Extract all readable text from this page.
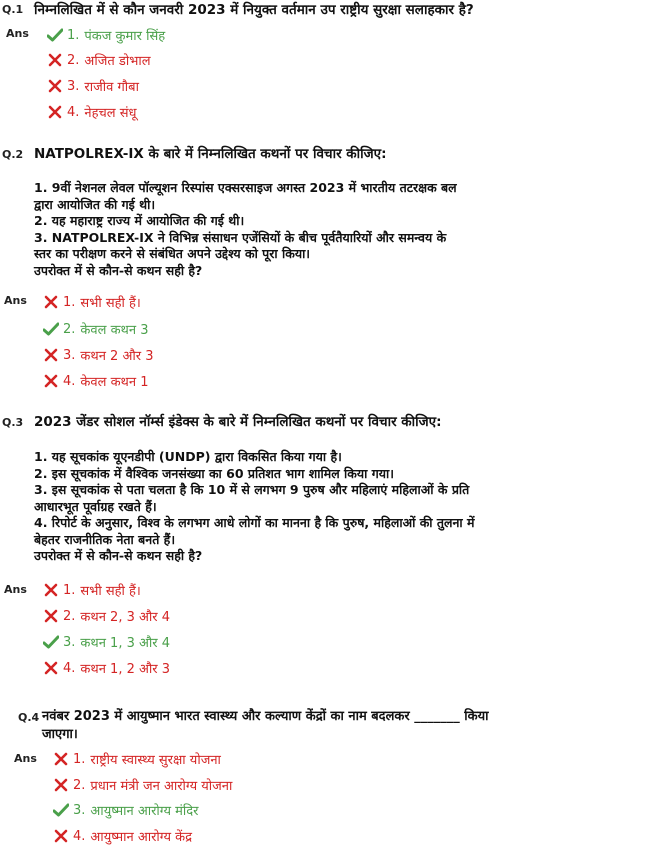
Q.1 निम्नलिखित में से कौन जनवरी 2023 में नियुक्त वर्तमान उप राष्ट्रीय सुरक्षा सलाहकार है?
Ans	1. पंकज कुमार सिंह
2. अजित डोभाल
3. राजीव गौबा
4. नेहचल संधू
Q.2 NATPOLREX-IX के बारे में निम्नलिखित कथनों पर विचार कीजिए:
1. 9वीं नेशनल लेवल पॉल्यूशन रिस्पांस एक्सरसाइज अगस्त 2023 में भारतीय तटरक्षक बल
द्वारा आयोजित की गई थी।
2. यह महाराष्ट्र राज्य में आयोजित की गई थी।
3. NATPOLREX-IX ने विभिन्न संसाधन एजेंसियों के बीच पूर्वतैयारियों और समन्वय के
स्तर का परीक्षण करने से संबंधित अपने उद्देश्य को पूरा किया।
उपरोक्त में से कौन-से कथन सही है?
Ans	1. सभी सही हैं।
2. केवल कथन 3
3. कथन 2 और 3
4. केवल कथन 1
Q.3 2023 जेंडर सोशल नॉर्म्स इंडेक्स के बारे में निम्नलिखित कथनों पर विचार कीजिए:
1. यह सूचकांक यूएनडीपी (UNDP) द्वारा विकसित किया गया है।
2. इस सूचकांक में वैश्विक जनसंख्या का 60 प्रतिशत भाग शामिल किया गया।
3. इस सूचकांक से पता चलता है कि 10 में से लगभग 9 पुरुष और महिलाएं महिलाओं के प्रति
आधारभूत पूर्वाग्रह रखते हैं।
4. रिपोर्ट के अनुसार, विश्व के लगभग आधे लोगों का मानना है कि पुरुष, महिलाओं की तुलना में
बेहतर राजनीतिक नेता बनते हैं।
उपरोक्त में से कौन-से कथन सही है?
Ans	1. सभी सही हैं।
2. कथन 2, 3 और 4
3. कथन 1, 3 और 4
4. कथन 1, 2 और 3
Q.4 नवंबर 2023 में आयुष्मान भारत स्वास्थ्य और कल्याण केंद्रों का नाम बदलकर _______ किया
जाएगा।
Ans	1. राष्ट्रीय स्वास्थ्य सुरक्षा योजना
2. प्रधान मंत्री जन आरोग्य योजना
3. आयुष्मान आरोग्य मंदिर
4. आयुष्मान आरोग्य केंद्र
